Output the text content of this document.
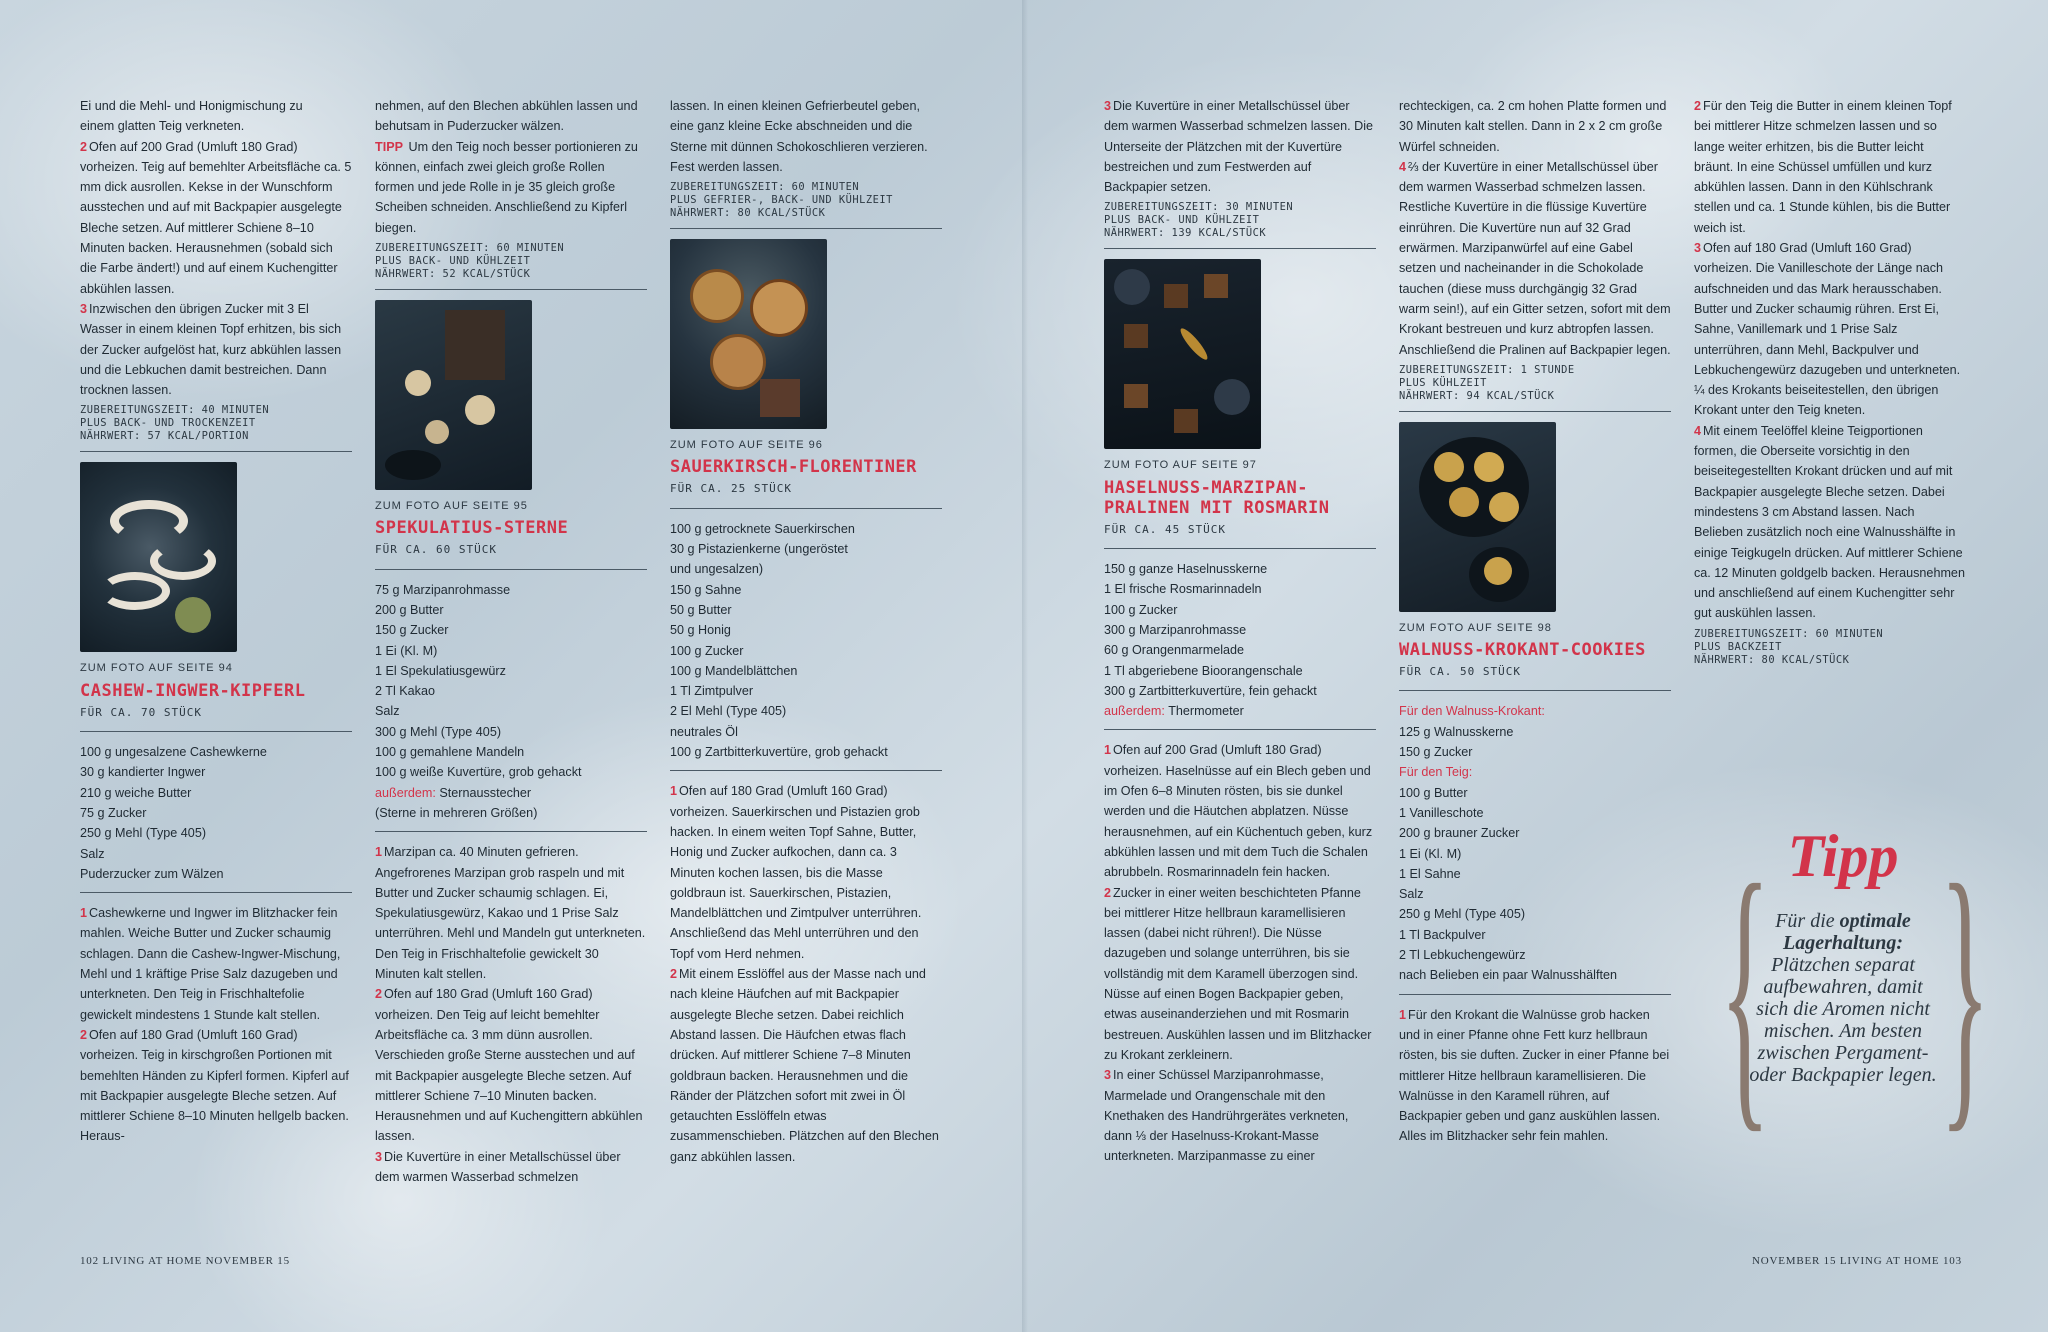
Ei und die Mehl- und Honigmischung zu

einem glatten Teig verkneten.

2 Ofen auf 200 Grad (Umluft 180 Grad) vorheizen. Teig auf bemehlter Arbeitsfläche ca. 5 mm dick ausrollen. Kekse in der Wunschform ausstechen und auf mit Backpapier ausgelegte Bleche setzen. Auf mittlerer Schiene 8–10 Minuten backen. Herausnehmen (sobald sich die Farbe ändert!) und auf einem Kuchengitter abkühlen lassen.

3 Inzwischen den übrigen Zucker mit 3 El Wasser in einem kleinen Topf erhitzen, bis sich der Zucker aufgelöst hat, kurz abkühlen lassen und die Lebkuchen damit bestreichen. Dann trocknen lassen.

ZUBEREITUNGSZEIT: 40 MINUTEN
PLUS BACK- UND TROCKENZEIT
NÄHRWERT: 57 KCAL/PORTION
ZUM FOTO AUF SEITE 94
CASHEW-INGWER-KIPFERL
FÜR CA. 70 STÜCK

100 g ungesalzene Cashewkerne

30 g kandierter Ingwer

210 g weiche Butter

75 g Zucker

250 g Mehl (Type 405)

Salz

Puderzucker zum Wälzen

1 Cashewkerne und Ingwer im Blitzhacker fein mahlen. Weiche Butter und Zucker schaumig schlagen. Dann die Cashew-Ingwer-Mischung, Mehl und 1 kräftige Prise Salz dazugeben und unterkneten. Den Teig in Frischhaltefolie gewickelt mindestens 1 Stunde kalt stellen.

2 Ofen auf 180 Grad (Umluft 160 Grad) vorheizen. Teig in kirschgroßen Portionen mit bemehlten Händen zu Kipferl formen. Kipferl auf mit Backpapier ausgelegte Bleche setzen. Auf mittlerer Schiene 8–10 Minuten hellgelb backen. Heraus-

nehmen, auf den Blechen abkühlen lassen und behutsam in Puderzucker wälzen.

TIPP Um den Teig noch besser portionieren zu können, einfach zwei gleich große Rollen formen und jede Rolle in je 35 gleich große Scheiben schneiden. Anschließend zu Kipferl biegen.

ZUBEREITUNGSZEIT: 60 MINUTEN
PLUS BACK- UND KÜHLZEIT
NÄHRWERT: 52 KCAL/STÜCK
ZUM FOTO AUF SEITE 95
SPEKULATIUS-STERNE
FÜR CA. 60 STÜCK

75 g Marzipanrohmasse

200 g Butter

150 g Zucker

1 Ei (Kl. M)

1 El Spekulatiusgewürz

2 Tl Kakao

Salz

300 g Mehl (Type 405)

100 g gemahlene Mandeln

100 g weiße Kuvertüre, grob gehackt

außerdem: Sternausstecher

(Sterne in mehreren Größen)

1 Marzipan ca. 40 Minuten gefrieren. Angefrorenes Marzipan grob raspeln und mit Butter und Zucker schaumig schlagen. Ei, Spekulatiusgewürz, Kakao und 1 Prise Salz unterrühren. Mehl und Mandeln gut unterkneten. Den Teig in Frischhaltefolie gewickelt 30 Minuten kalt stellen.

2 Ofen auf 180 Grad (Umluft 160 Grad) vorheizen. Den Teig auf leicht bemehlter Arbeitsfläche ca. 3 mm dünn ausrollen. Verschieden große Sterne ausstechen und auf mit Backpapier ausgelegte Bleche setzen. Auf mittlerer Schiene 7–10 Minuten backen. Herausnehmen und auf Kuchengittern abkühlen lassen.

3 Die Kuvertüre in einer Metallschüssel über dem warmen Wasserbad schmelzen

lassen. In einen kleinen Gefrierbeutel geben, eine ganz kleine Ecke abschneiden und die Sterne mit dünnen Schokoschlieren verzieren. Fest werden lassen.

ZUBEREITUNGSZEIT: 60 MINUTEN
PLUS GEFRIER-, BACK- UND KÜHLZEIT
NÄHRWERT: 80 KCAL/STÜCK
ZUM FOTO AUF SEITE 96
SAUERKIRSCH-FLORENTINER
FÜR CA. 25 STÜCK

100 g getrocknete Sauerkirschen

30 g Pistazienkerne (ungeröstet

und ungesalzen)

150 g Sahne

50 g Butter

50 g Honig

100 g Zucker

100 g Mandelblättchen

1 Tl Zimtpulver

2 El Mehl (Type 405)

neutrales Öl

100 g Zartbitterkuvertüre, grob gehackt

1 Ofen auf 180 Grad (Umluft 160 Grad) vorheizen. Sauerkirschen und Pistazien grob hacken. In einem weiten Topf Sahne, Butter, Honig und Zucker aufkochen, dann ca. 3 Minuten kochen lassen, bis die Masse goldbraun ist. Sauerkirschen, Pistazien, Mandelblättchen und Zimtpulver unterrühren. Anschließend das Mehl unterrühren und den Topf vom Herd nehmen.

2 Mit einem Esslöffel aus der Masse nach und nach kleine Häufchen auf mit Backpapier ausgelegte Bleche setzen. Dabei reichlich Abstand lassen. Die Häufchen etwas flach drücken. Auf mittlerer Schiene 7–8 Minuten goldbraun backen. Herausnehmen und die Ränder der Plätzchen sofort mit zwei in Öl getauchten Esslöffeln etwas zusammenschieben. Plätzchen auf den Blechen ganz abkühlen lassen.

102 LIVING AT HOME NOVEMBER 15

3 Die Kuvertüre in einer Metallschüssel über dem warmen Wasserbad schmelzen lassen. Die Unterseite der Plätzchen mit der Kuvertüre bestreichen und zum Festwerden auf Backpapier setzen.

ZUBEREITUNGSZEIT: 30 MINUTEN
PLUS BACK- UND KÜHLZEIT
NÄHRWERT: 139 KCAL/STÜCK
ZUM FOTO AUF SEITE 97
HASELNUSS-MARZIPAN-
PRALINEN MIT ROSMARIN
FÜR CA. 45 STÜCK

150 g ganze Haselnusskerne

1 El frische Rosmarinnadeln

100 g Zucker

300 g Marzipanrohmasse

60 g Orangenmarmelade

1 Tl abgeriebene Bioorangenschale

300 g Zartbitterkuvertüre, fein gehackt

außerdem: Thermometer

1 Ofen auf 200 Grad (Umluft 180 Grad) vorheizen. Haselnüsse auf ein Blech geben und im Ofen 6–8 Minuten rösten, bis sie dunkel werden und die Häutchen abplatzen. Nüsse herausnehmen, auf ein Küchentuch geben, kurz abkühlen lassen und mit dem Tuch die Schalen abrubbeln. Rosmarinnadeln fein hacken.

2 Zucker in einer weiten beschichteten Pfanne bei mittlerer Hitze hellbraun karamellisieren lassen (dabei nicht rühren!). Die Nüsse dazugeben und solange unterrühren, bis sie vollständig mit dem Karamell überzogen sind. Nüsse auf einen Bogen Backpapier geben, etwas auseinanderziehen und mit Rosmarin bestreuen. Auskühlen lassen und im Blitzhacker zu Krokant zerkleinern.

3 In einer Schüssel Marzipanrohmasse, Marmelade und Orangenschale mit den Knethaken des Handrührgerätes verkneten, dann ⅓ der Haselnuss-Krokant-Masse unterkneten. Marzipanmasse zu einer

rechteckigen, ca. 2 cm hohen Platte formen und 30 Minuten kalt stellen. Dann in 2 x 2 cm große Würfel schneiden.

4 ⅔ der Kuvertüre in einer Metallschüssel über dem warmen Wasserbad schmelzen lassen. Restliche Kuvertüre in die flüssige Kuvertüre einrühren. Die Kuvertüre nun auf 32 Grad erwärmen. Marzipanwürfel auf eine Gabel setzen und nacheinander in die Schokolade tauchen (diese muss durchgängig 32 Grad warm sein!), auf ein Gitter setzen, sofort mit dem Krokant bestreuen und kurz abtropfen lassen. Anschließend die Pralinen auf Backpapier legen.

ZUBEREITUNGSZEIT: 1 STUNDE
PLUS KÜHLZEIT
NÄHRWERT: 94 KCAL/STÜCK
ZUM FOTO AUF SEITE 98
WALNUSS-KROKANT-COOKIES
FÜR CA. 50 STÜCK

Für den Walnuss-Krokant:

125 g Walnusskerne

150 g Zucker

Für den Teig:

100 g Butter

1 Vanilleschote

200 g brauner Zucker

1 Ei (Kl. M)

1 El Sahne

Salz

250 g Mehl (Type 405)

1 Tl Backpulver

2 Tl Lebkuchengewürz

nach Belieben ein paar Walnusshälften

1 Für den Krokant die Walnüsse grob hacken und in einer Pfanne ohne Fett kurz hellbraun rösten, bis sie duften. Zucker in einer Pfanne bei mittlerer Hitze hellbraun karamellisieren. Die Walnüsse in den Karamell rühren, auf Backpapier geben und ganz auskühlen lassen. Alles im Blitzhacker sehr fein mahlen.

2 Für den Teig die Butter in einem kleinen Topf bei mittlerer Hitze schmelzen lassen und so lange weiter erhitzen, bis die Butter leicht bräunt. In eine Schüssel umfüllen und kurz abkühlen lassen. Dann in den Kühlschrank stellen und ca. 1 Stunde kühlen, bis die Butter weich ist.

3 Ofen auf 180 Grad (Umluft 160 Grad) vorheizen. Die Vanilleschote der Länge nach aufschneiden und das Mark herausschaben. Butter und Zucker schaumig rühren. Erst Ei, Sahne, Vanillemark und 1 Prise Salz unterrühren, dann Mehl, Backpulver und Lebkuchengewürz dazugeben und unterkneten. ¼ des Krokants beiseitestellen, den übrigen Krokant unter den Teig kneten.

4 Mit einem Teelöffel kleine Teigportionen formen, die Oberseite vorsichtig in den beiseitegestellten Krokant drücken und auf mit Backpapier ausgelegte Bleche setzen. Dabei mindestens 3 cm Abstand lassen. Nach Belieben zusätzlich noch eine Walnusshälfte in einige Teigkugeln drücken. Auf mittlerer Schiene ca. 12 Minuten goldgelb backen. Herausnehmen und anschließend auf einem Kuchengitter sehr gut auskühlen lassen.

ZUBEREITUNGSZEIT: 60 MINUTEN
PLUS BACKZEIT
NÄHRWERT: 80 KCAL/STÜCK
{ }
Tipp
Für die optimale Lagerhaltung: Plätzchen separat aufbewahren, damit sich die Aromen nicht mischen. Am besten zwischen Pergament- oder Backpapier legen.
NOVEMBER 15 LIVING AT HOME 103
